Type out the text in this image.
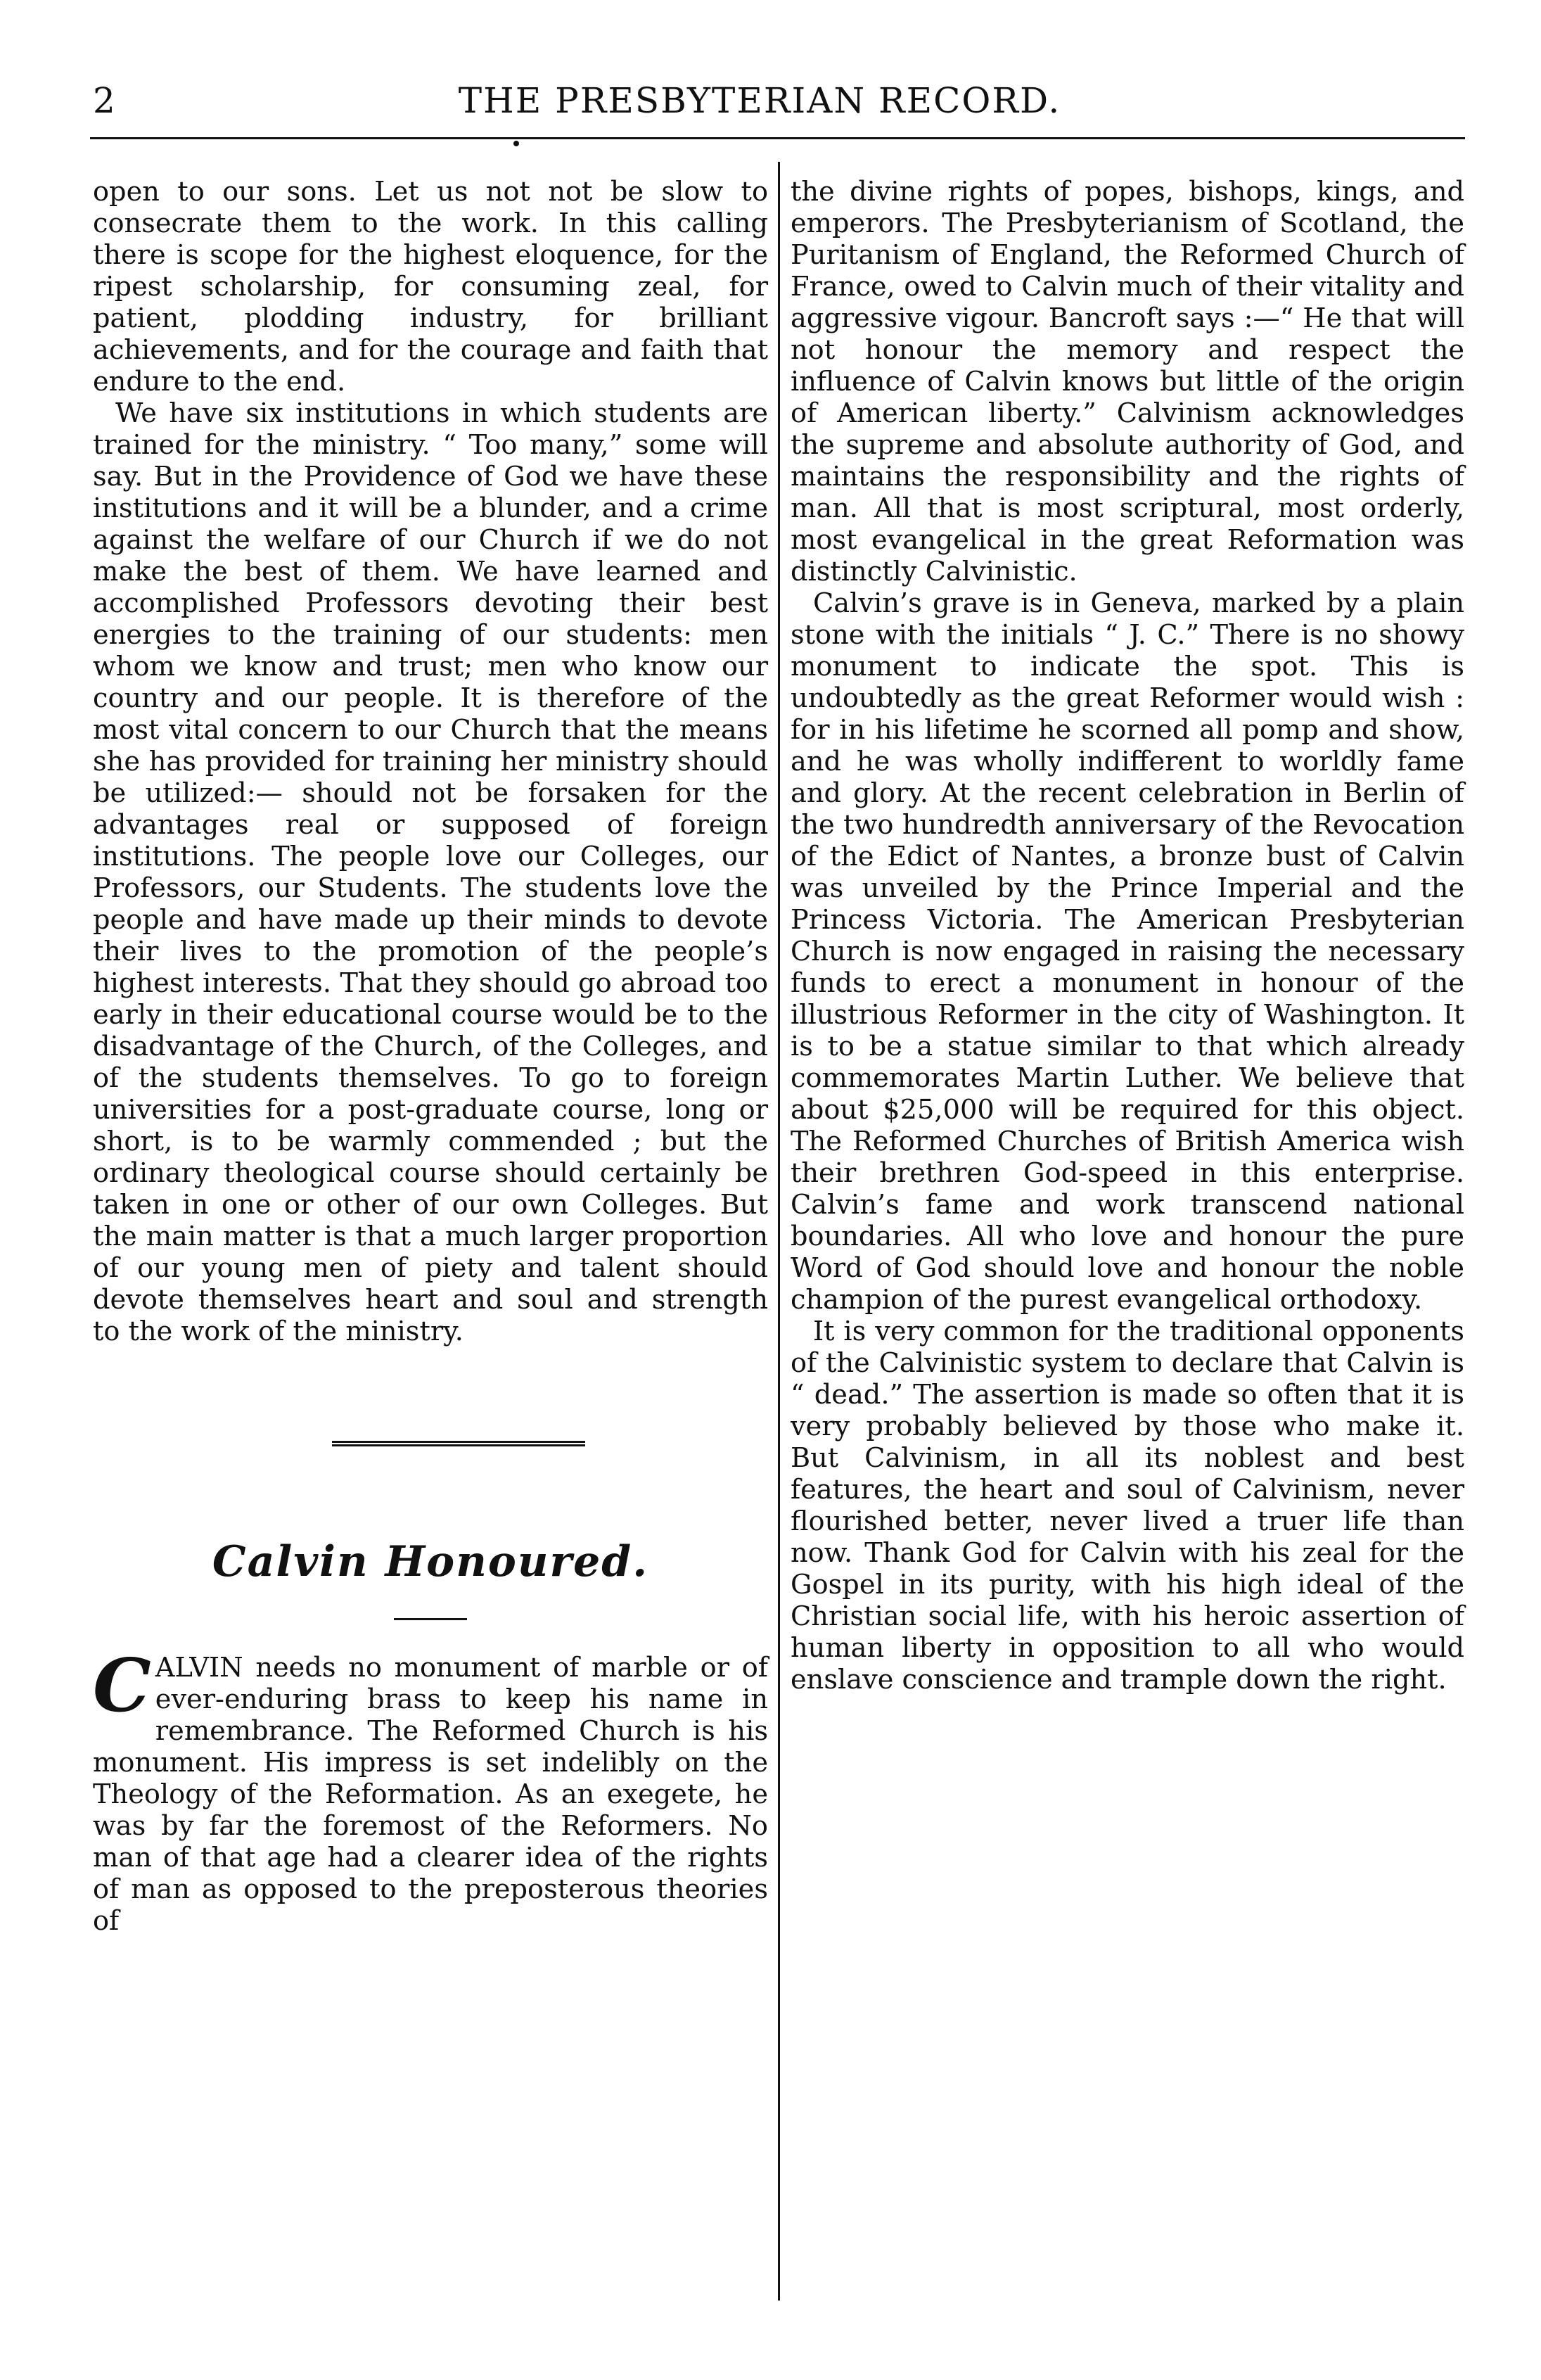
2	THE PRESBYTERIAN RECORD.

open to our sons. Let us not not be slow to consecrate them to the work. In this calling there is scope for the highest eloquence, for the ripest scholarship, for consuming zeal, for patient, plodding industry, for brilliant achievements, and for the courage and faith that endure to the end.

We have six institutions in which students are trained for the ministry. “ Too many,” some will say. But in the Providence of God we have these institutions and it will be a blunder, and a crime against the welfare of our Church if we do not make the best of them. We have learned and accomplished Professors devoting their best energies to the training of our students: men whom we know and trust; men who know our country and our people. It is therefore of the most vital concern to our Church that the means she has provided for training her ministry should be utilized:— should not be forsaken for the advantages real or supposed of foreign institutions. The people love our Colleges, our Professors, our Students. The students love the people and have made up their minds to devote their lives to the promotion of the people’s highest interests. That they should go abroad too early in their educational course would be to the disadvantage of the Church, of the Colleges, and of the students themselves. To go to foreign universities for a post-graduate course, long or short, is to be warmly commended ; but the ordinary theological course should certainly be taken in one or other of our own Colleges. But the main matter is that a much larger proportion of our young men of piety and talent should devote themselves heart and soul and strength to the work of the ministry.

Calvin Honoured.

CALVIN needs no monument of marble or of ever-enduring brass to keep his name in remembrance. The Reformed Church is his monument. His impress is set indelibly on the Theology of the Reformation. As an exegete, he was by far the foremost of the Reformers. No man of that age had a clearer idea of the rights of man as opposed to the preposterous theories of

the divine rights of popes, bishops, kings, and emperors. The Presbyterianism of Scotland, the Puritanism of England, the Reformed Church of France, owed to Calvin much of their vitality and aggressive vigour. Bancroft says :—“ He that will not honour the memory and respect the influence of Calvin knows but little of the origin of American liberty.” Calvinism acknowledges the supreme and absolute authority of God, and maintains the responsibility and the rights of man. All that is most scriptural, most orderly, most evangelical in the great Reformation was distinctly Calvinistic.

Calvin’s grave is in Geneva, marked by a plain stone with the initials “ J. C.” There is no showy monument to indicate the spot. This is undoubtedly as the great Reformer would wish : for in his lifetime he scorned all pomp and show, and he was wholly indifferent to worldly fame and glory. At the recent celebration in Berlin of the two hundredth anniversary of the Revocation of the Edict of Nantes, a bronze bust of Calvin was unveiled by the Prince Imperial and the Princess Victoria. The American Presbyterian Church is now engaged in raising the necessary funds to erect a monument in honour of the illustrious Reformer in the city of Washington. It is to be a statue similar to that which already commemorates Martin Luther. We believe that about $25,000 will be required for this object. The Reformed Churches of British America wish their brethren God-speed in this enterprise. Calvin’s fame and work transcend national boundaries. All who love and honour the pure Word of God should love and honour the noble champion of the purest evangelical orthodoxy.

It is very common for the traditional opponents of the Calvinistic system to declare that Calvin is “ dead.” The assertion is made so often that it is very probably believed by those who make it. But Calvinism, in all its noblest and best features, the heart and soul of Calvinism, never flourished better, never lived a truer life than now. Thank God for Calvin with his zeal for the Gospel in its purity, with his high ideal of the Christian social life, with his heroic assertion of human liberty in opposition to all who would enslave conscience and trample down the right.
